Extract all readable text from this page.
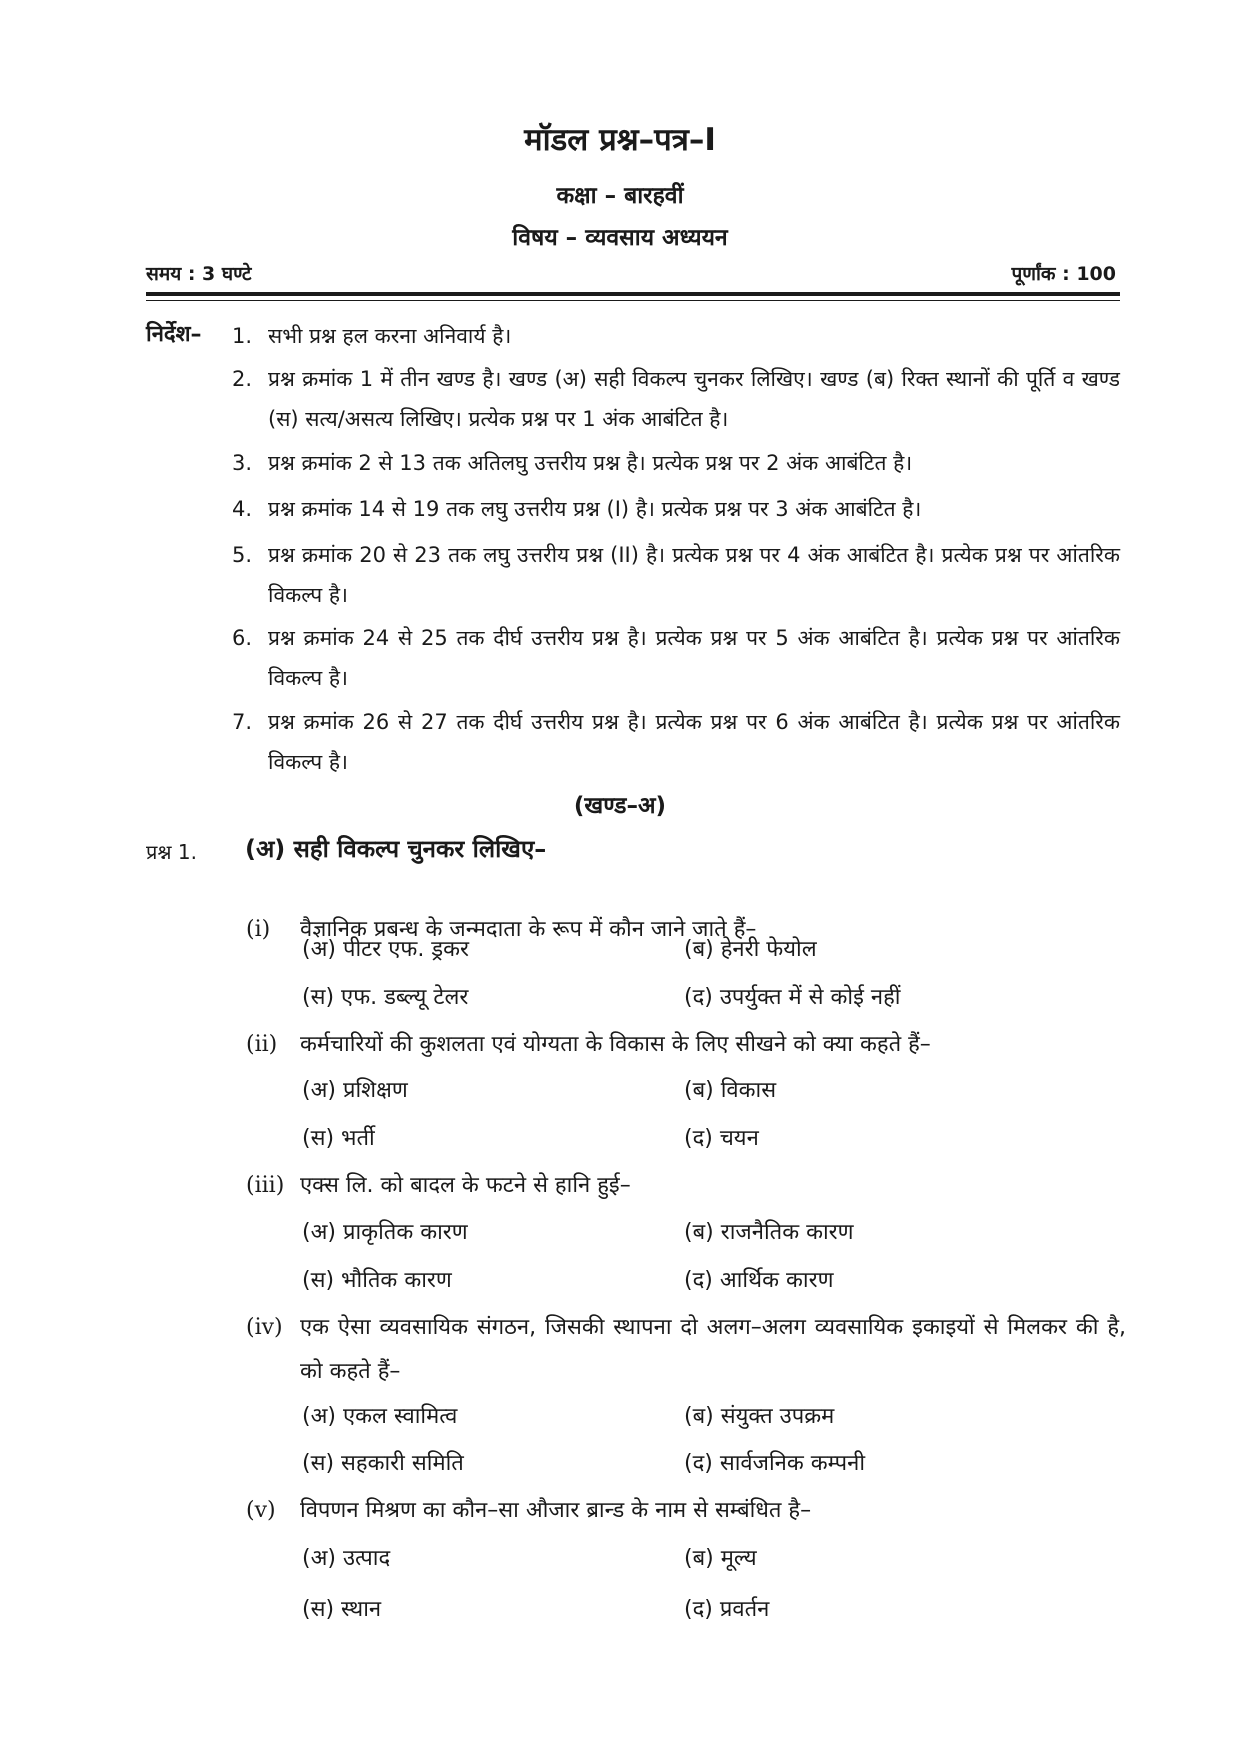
मॉडल प्रश्न–पत्र–I
कक्षा – बारहवीं
विषय – व्यवसाय अध्ययन
समय : 3 घण्टे	पूर्णांक : 100
निर्देश– 1. सभी प्रश्न हल करना अनिवार्य है।
2. प्रश्न क्रमांक 1 में तीन खण्ड है। खण्ड (अ) सही विकल्प चुनकर लिखिए। खण्ड (ब) रिक्त स्थानों की पूर्ति व खण्ड (स) सत्य/असत्य लिखिए। प्रत्येक प्रश्न पर 1 अंक आबंटित है।
3. प्रश्न क्रमांक 2 से 13 तक अतिलघु उत्तरीय प्रश्न है। प्रत्येक प्रश्न पर 2 अंक आबंटित है।
4. प्रश्न क्रमांक 14 से 19 तक लघु उत्तरीय प्रश्न (I) है। प्रत्येक प्रश्न पर 3 अंक आबंटित है।
5. प्रश्न क्रमांक 20 से 23 तक लघु उत्तरीय प्रश्न (II) है। प्रत्येक प्रश्न पर 4 अंक आबंटित है। प्रत्येक प्रश्न पर आंतरिक विकल्प है।
6. प्रश्न क्रमांक 24 से 25 तक दीर्घ उत्तरीय प्रश्न है। प्रत्येक प्रश्न पर 5 अंक आबंटित है। प्रत्येक प्रश्न पर आंतरिक विकल्प है।
7. प्रश्न क्रमांक 26 से 27 तक दीर्घ उत्तरीय प्रश्न है। प्रत्येक प्रश्न पर 6 अंक आबंटित है। प्रत्येक प्रश्न पर आंतरिक विकल्प है।
(खण्ड–अ)
प्रश्न 1. (अ) सही विकल्प चुनकर लिखिए–
(i) वैज्ञानिक प्रबन्ध के जन्मदाता के रूप में कौन जाने जाते हैं–
(अ) पीटर एफ. ड्रकर	(ब) हेनरी फेयोल
(स) एफ. डब्ल्यू टेलर	(द) उपर्युक्त में से कोई नहीं
(ii) कर्मचारियों की कुशलता एवं योग्यता के विकास के लिए सीखने को क्या कहते हैं–
(अ) प्रशिक्षण	(ब) विकास
(स) भर्ती	(द) चयन
(iii) एक्स लि. को बादल के फटने से हानि हुई–
(अ) प्राकृतिक कारण	(ब) राजनैतिक कारण
(स) भौतिक कारण	(द) आर्थिक कारण
(iv) एक ऐसा व्यवसायिक संगठन, जिसकी स्थापना दो अलग–अलग व्यवसायिक इकाइयों से मिलकर की है, को कहते हैं–
(अ) एकल स्वामित्व	(ब) संयुक्त उपक्रम
(स) सहकारी समिति	(द) सार्वजनिक कम्पनी
(v) विपणन मिश्रण का कौन–सा औजार ब्रान्ड के नाम से सम्बंधित है–
(अ) उत्पाद	(ब) मूल्य
(स) स्थान	(द) प्रवर्तन
